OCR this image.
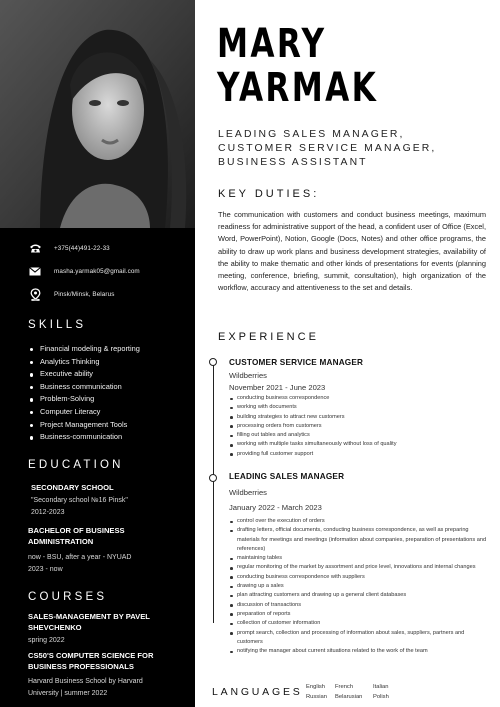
+375(44)491-22-33
masha.yarmak05@gmail.com
Pinsk/Minsk, Belarus
SKILLS
Financial modeling & reporting
Analytics Thinking
Executive ability
Business communication
Problem-Solving
Computer Literacy
Project Management Tools
Business-communication
EDUCATION
SECONDARY SCHOOL
"Secondary school №16 Pinsk"
2012-2023
BACHELOR OF BUSINESS
ADMINISTRATION
now - BSU, after a year - NYUAD
2023 - now
COURSES
SALES-MANAGEMENT BY PAVEL
SHEVCHENKO
spring 2022
CS50'S COMPUTER SCIENCE FOR
BUSINESS PROFESSIONALS
Harvard Business School by Harvard
University | summer 2022
MARY
YARMAK
LEADING SALES MANAGER,
CUSTOMER SERVICE MANAGER,
BUSINESS ASSISTANT
KEY DUTIES:
The communication with customers and conduct business meetings, maximum readiness for administrative support of the head, a confident user of Office (Excel, Word, PowerPoint), Notion, Google (Docs, Notes) and other office programs, the ability to draw up work plans and business development strategies, availability of the ability to make thematic and other kinds of presentations for events (planning meeting, conference, briefing, summit, consultation), high organization of the workflow, accuracy and attentiveness to the set and details.
EXPERIENCE
CUSTOMER SERVICE MANAGER
Wildberries
November 2021 - June 2023
conducting business correspondence
working with documents
building strategies to attract new customers
processing orders from customers
filling out tables and analytics
working with multiple tasks simultaneously without loss of quality
providing full customer support
LEADING SALES MANAGER
Wildberries
January 2022 - March 2023
control over the execution of orders
drafting letters, official documents, conducting business correspondence, as well as preparing materials for meetings and meetings (information about companies, preparation of presentations and references)
maintaining tables
regular monitoring of the market by assortment and price level, innovations and internal changes
conducting business correspondence with suppliers
drawing up a sales
plan attracting customers and drawing up a general client databases
discussion of transactions
preparation of reports
collection of customer information
prompt search, collection and processing of information about sales, suppliers, partners and customers
notifying the manager about current situations related to the work of the team
LANGUAGES English French	Italian
Russian Belarusian Polish
